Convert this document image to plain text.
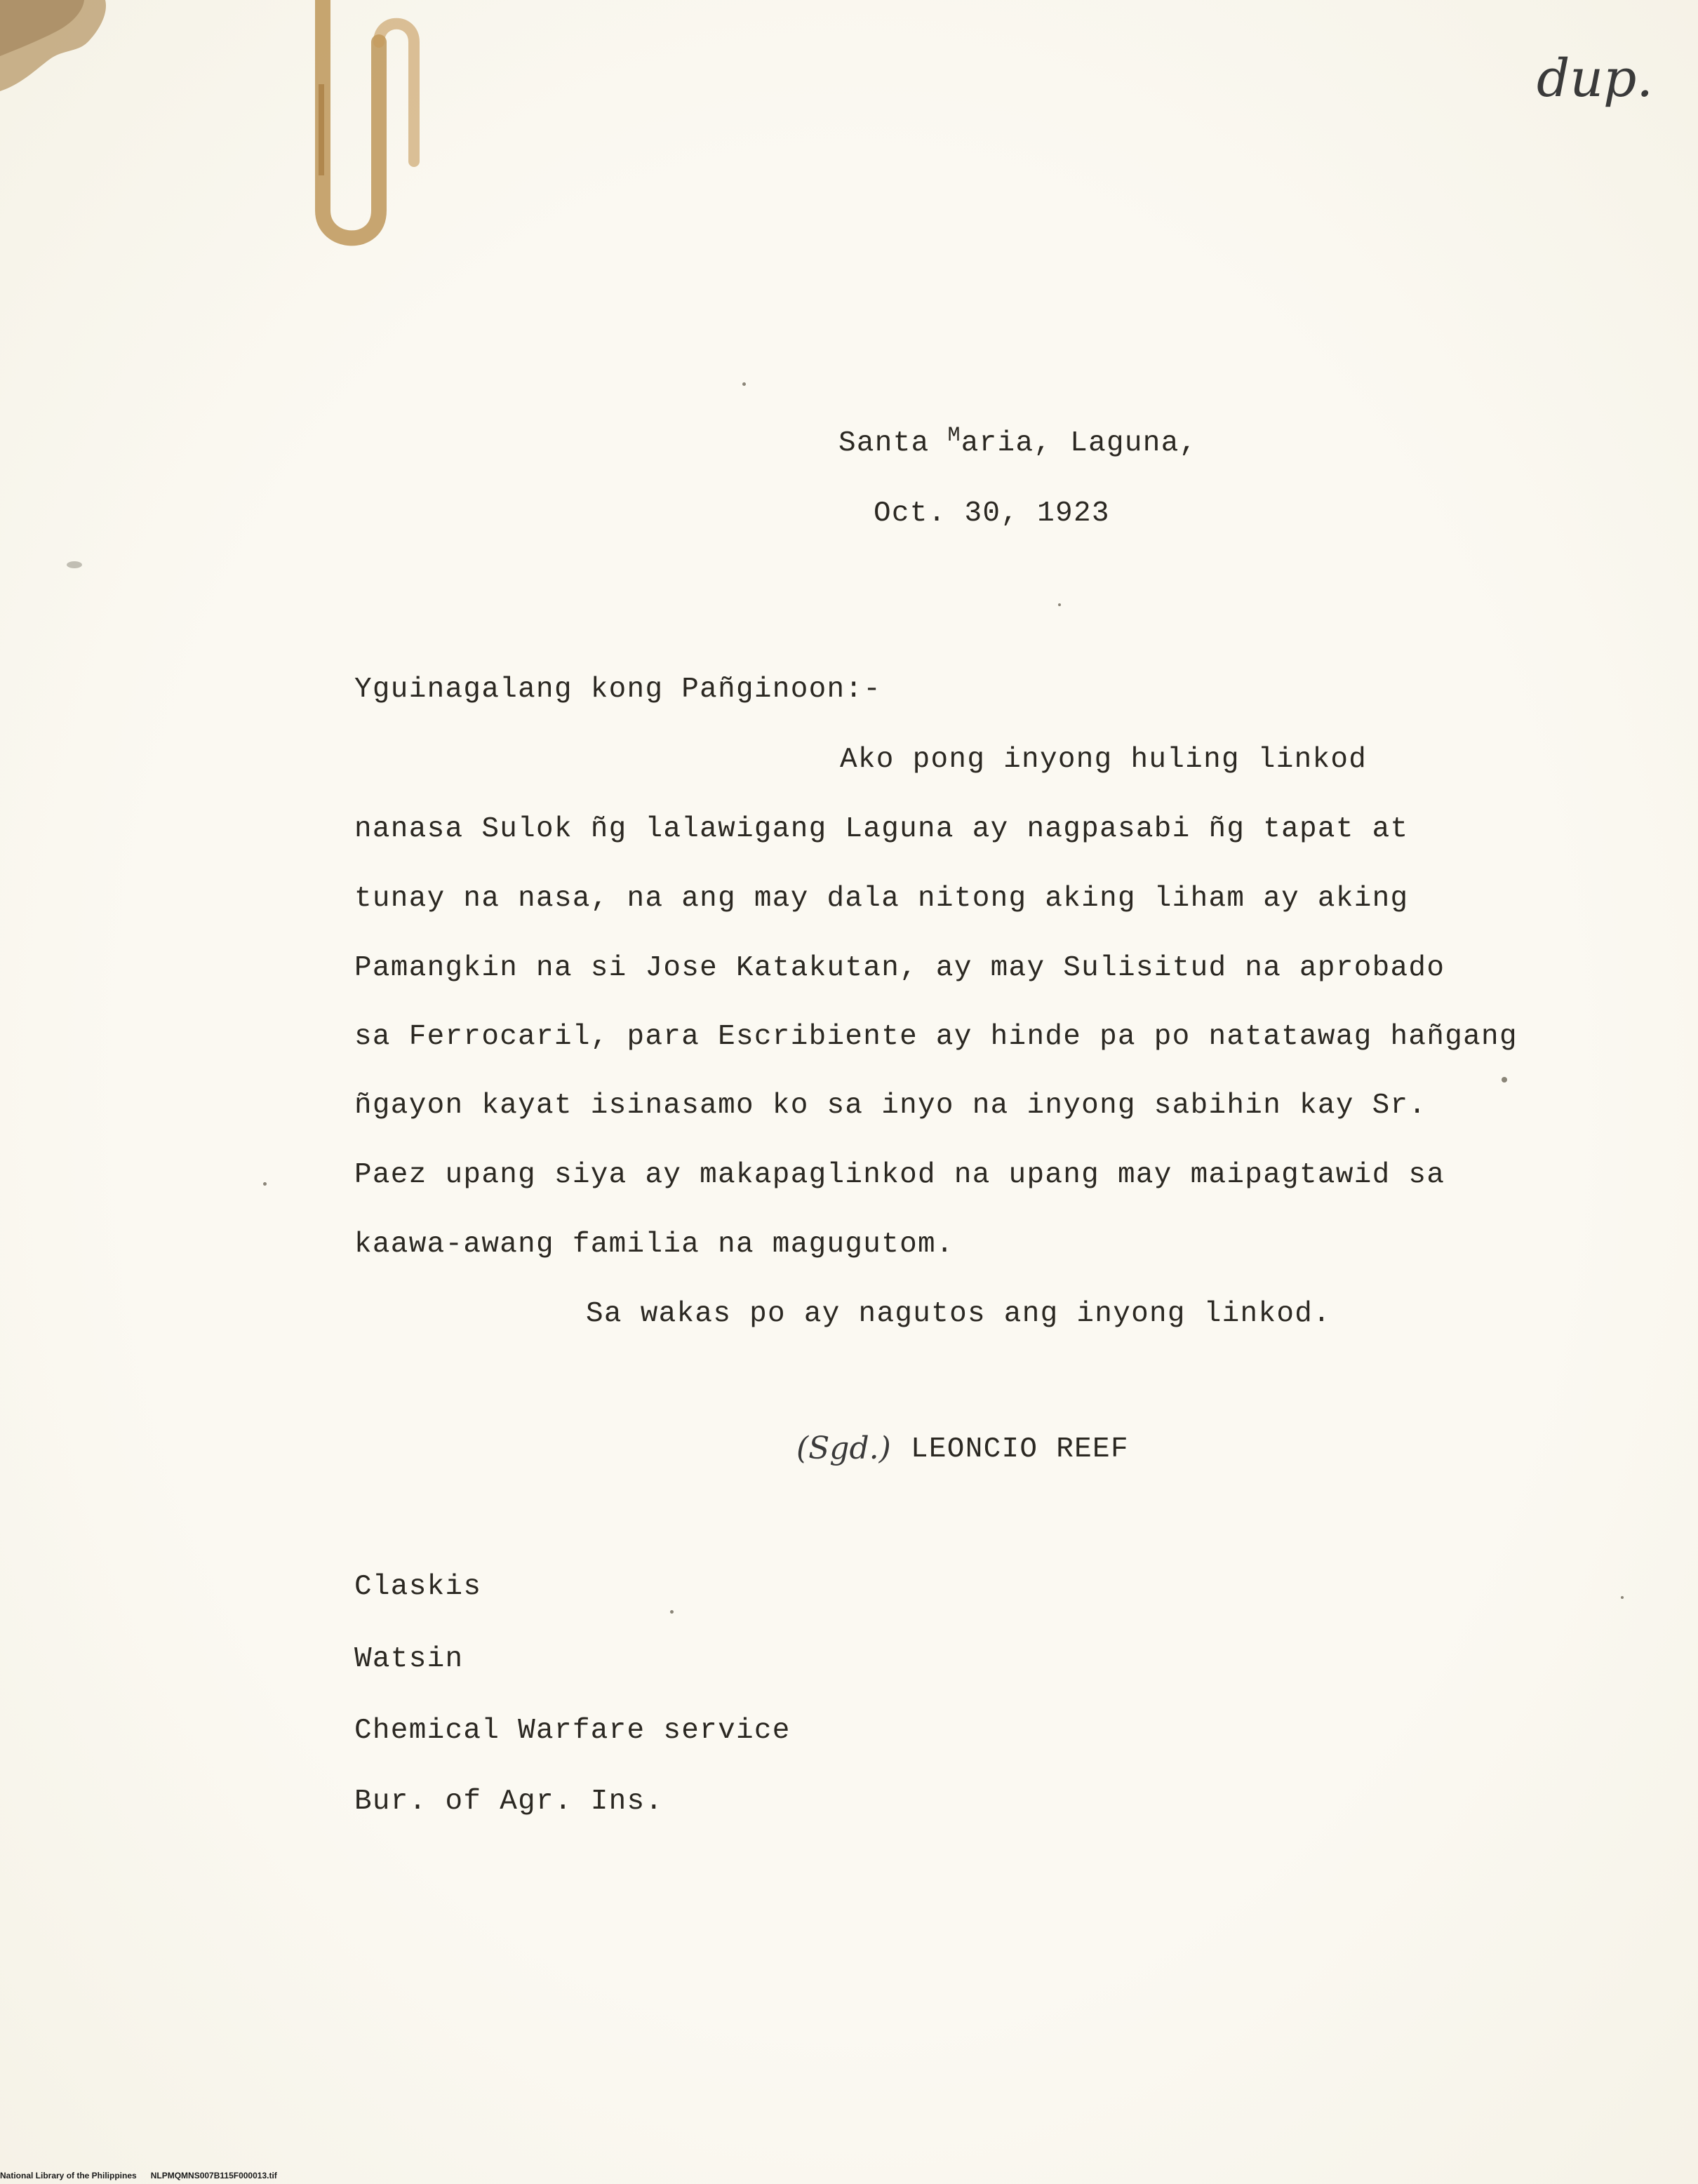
dup.
Santa $^M$aria, Laguna,
Oct. 30, 1923
Yguinagalang kong Pañginoon:-
Ako pong inyong huling linkod
nanasa Sulok ñg lalawigang Laguna ay nagpasabi ñg tapat at
tunay na nasa, na ang may dala nitong aking liham ay aking
Pamangkin na si Jose Katakutan, ay may Sulisitud na aprobado
sa Ferrocaril, para Escribiente ay hinde pa po natatawag hañgang
ñgayon kayat isinasamo ko sa inyo na inyong sabihin kay Sr.
Paez upang siya ay makapaglinkod na upang may maipagtawid sa
kaawa-awang familia na magugutom.
Sa wakas po ay nagutos ang inyong linkod.
(Sgd.) LEONCIO REEF
Claskis
Watsin
Chemical Warfare service
Bur. of Agr. Ins.
National Library of the Philippines NLPMQMNS007B115F000013.tif
